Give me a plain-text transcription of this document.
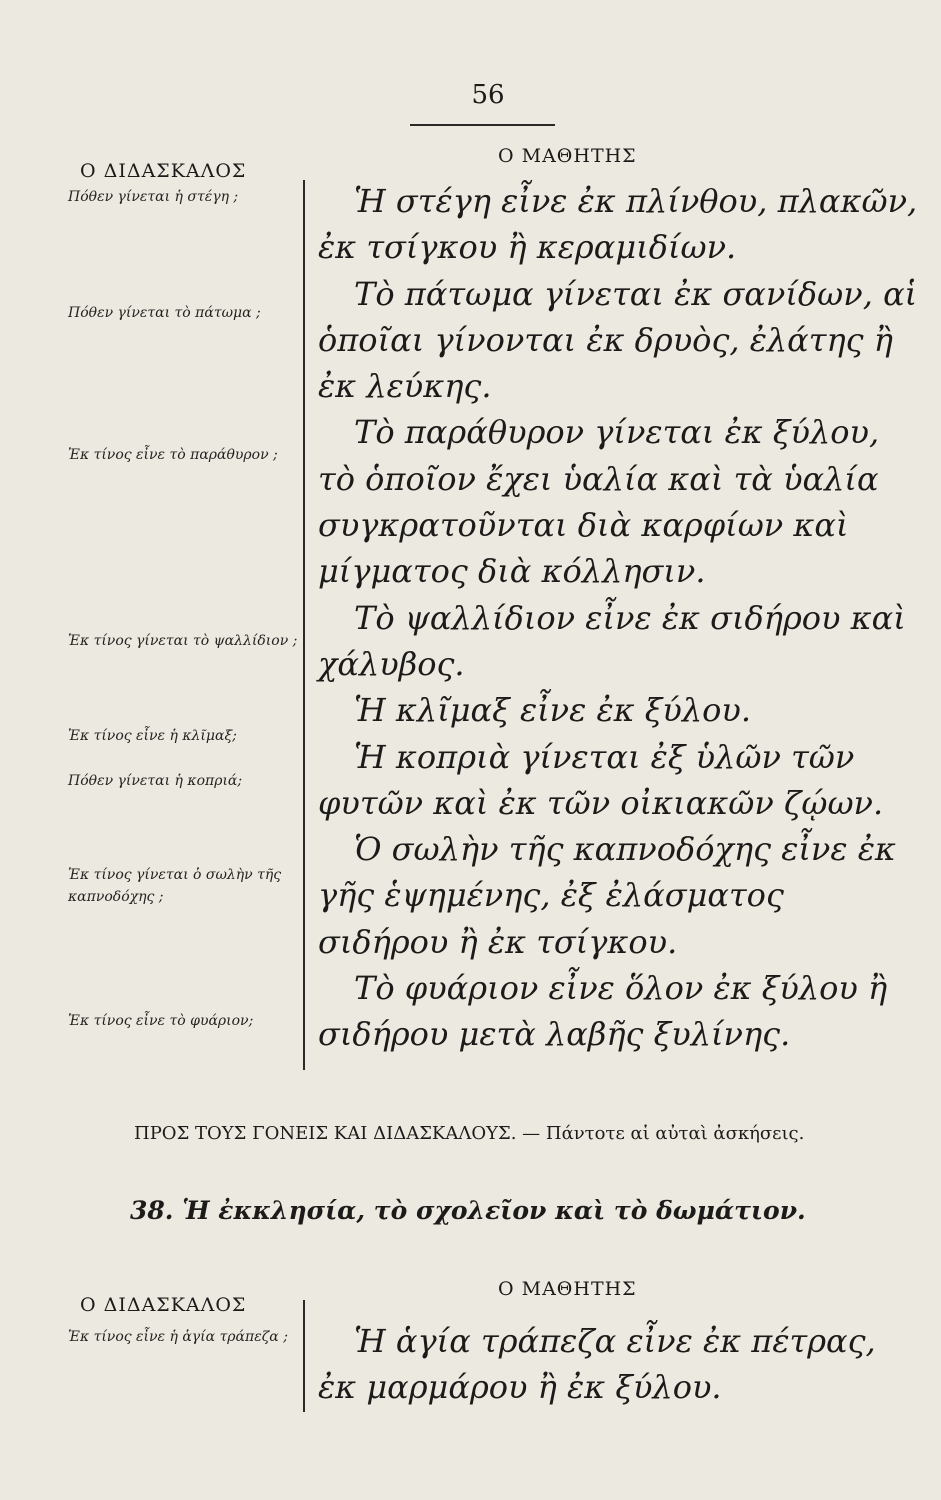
56
Ο ΔΙΔΑΣΚΑΛΟΣ
Ο ΜΑΘΗΤΗΣ
Πόθεν γίνεται ἡ στέγη ;
Πόθεν γίνεται τὸ πάτωμα ;
Ἐκ τίνος εἶνε τὸ παράθυρον ;
Ἐκ τίνος γίνεται τὸ ψαλλίδιον ;
Ἐκ τίνος εἶνε ἡ κλῖμαξ;
Πόθεν γίνεται ἡ κοπριά;
Ἐκ τίνος γίνεται ὁ σωλὴν τῆς καπνοδόχης ;
Ἐκ τίνος εἶνε τὸ φυάριον;

Ἡ στέγη εἶνε ἐκ πλίνθου, πλακῶν, ἐκ τσίγκου ἢ κεραμιδίων.

Τὸ πάτωμα γίνεται ἐκ σανίδων, αἱ ὁποῖαι γίνονται ἐκ δρυὸς, ἐλάτης ἢ ἐκ λεύκης.

Τὸ παράθυρον γίνεται ἐκ ξύλου, τὸ ὁποῖον ἔχει ὑαλία καὶ τὰ ὑαλία συγκρατοῦνται διὰ καρφίων καὶ μίγματος διὰ κόλλησιν.

Τὸ ψαλλίδιον εἶνε ἐκ σιδήρου καὶ χάλυβος.

Ἡ κλῖμαξ εἶνε ἐκ ξύλου.

Ἡ κοπριὰ γίνεται ἐξ ὑλῶν τῶν φυτῶν καὶ ἐκ τῶν οἰκιακῶν ζῴων.

Ὁ σωλὴν τῆς καπνοδόχης εἶνε ἐκ γῆς ἑψημένης, ἐξ ἐλάσματος σιδήρου ἢ ἐκ τσίγκου.

Τὸ φυάριον εἶνε ὅλον ἐκ ξύλου ἢ σιδήρου μετὰ λαβῆς ξυλίνης.

ΠΡΟΣ ΤΟΥΣ ΓΟΝΕΙΣ ΚΑΙ ΔΙΔΑΣΚΑΛΟΥΣ. — Πάντοτε αἱ αὐταὶ ἀσκήσεις.
38. Ἡ ἐκκλησία, τὸ σχολεῖον καὶ τὸ δωμάτιον.
Ο ΔΙΔΑΣΚΑΛΟΣ
Ο ΜΑΘΗΤΗΣ
Ἐκ τίνος εἶνε ἡ ἁγία τράπεζα ;	Ἡ ἁγία τράπεζα εἶνε ἐκ πέτρας, ἐκ μαρμάρου ἢ ἐκ ξύλου.
